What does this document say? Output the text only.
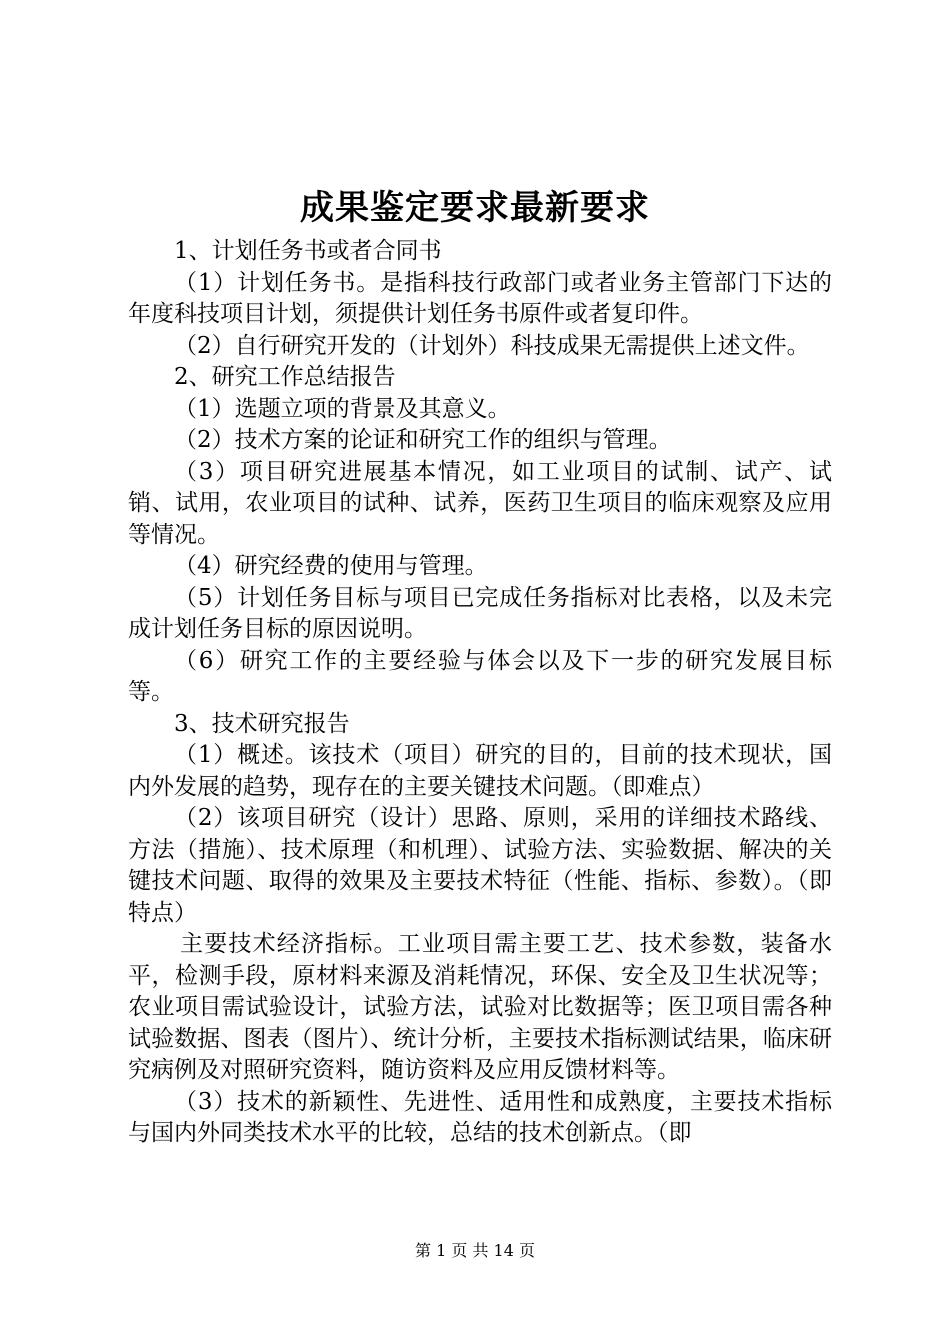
成果鉴定要求最新要求

1、计划任务书或者合同书

（1）计划任务书。是指科技行政部门或者业务主管部门下达的年度科技项目计划，须提供计划任务书原件或者复印件。

（2）自行研究开发的（计划外）科技成果无需提供上述文件。

2、研究工作总结报告

（1）选题立项的背景及其意义。

（2）技术方案的论证和研究工作的组织与管理。

（3）项目研究进展基本情况，如工业项目的试制、试产、试销、试用，农业项目的试种、试养，医药卫生项目的临床观察及应用等情况。

（4）研究经费的使用与管理。

（5）计划任务目标与项目已完成任务指标对比表格，以及未完成计划任务目标的原因说明。

（6）研究工作的主要经验与体会以及下一步的研究发展目标等。

3、技术研究报告

（1）概述。该技术（项目）研究的目的，目前的技术现状，国内外发展的趋势，现存在的主要关键技术问题。（即难点）

（2）该项目研究（设计）思路、原则，采用的详细技术路线、方法（措施）、技术原理（和机理）、试验方法、实验数据、解决的关键技术问题、取得的效果及主要技术特征（性能、指标、参数）。（即特点）

主要技术经济指标。工业项目需主要工艺、技术参数，装备水平，检测手段，原材料来源及消耗情况，环保、安全及卫生状况等；农业项目需试验设计，试验方法，试验对比数据等；医卫项目需各种试验数据、图表（图片）、统计分析，主要技术指标测试结果，临床研究病例及对照研究资料，随访资料及应用反馈材料等。

（3）技术的新颖性、先进性、适用性和成熟度，主要技术指标与国内外同类技术水平的比较，总结的技术创新点。（即

第 1 页 共 14 页
